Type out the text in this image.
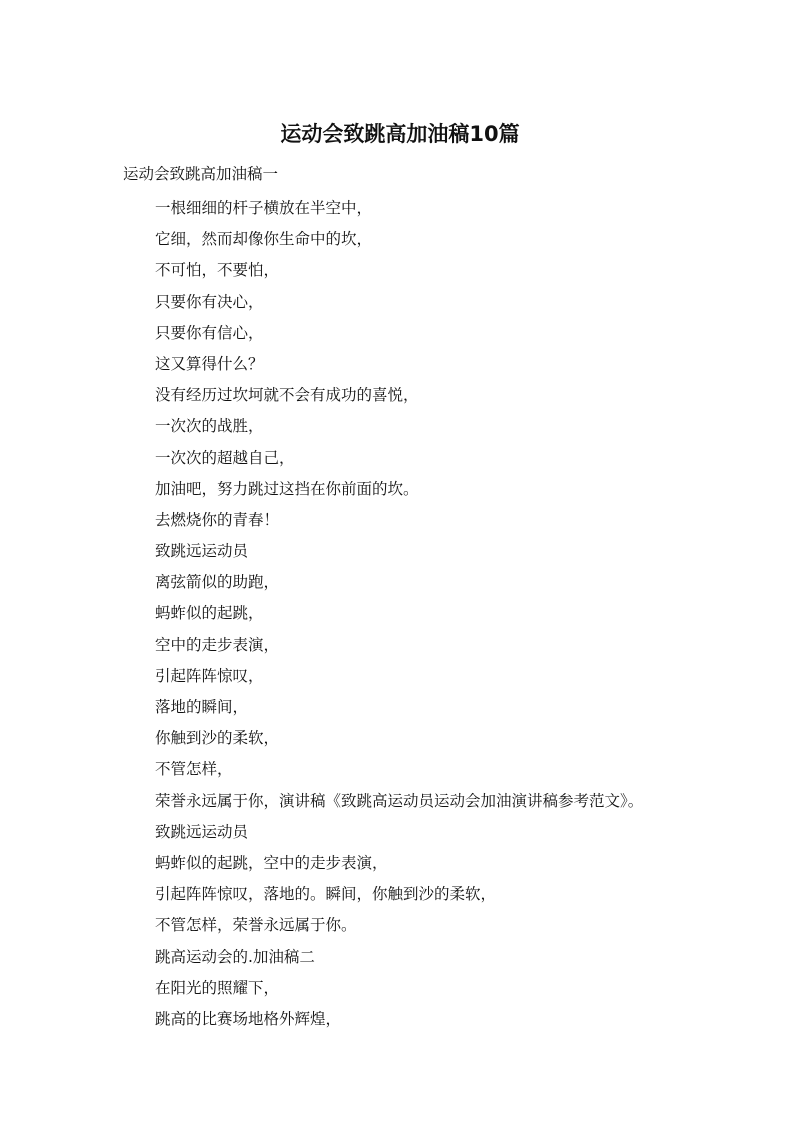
运动会致跳高加油稿10篇

运动会致跳高加油稿一

一根细细的杆子横放在半空中，
它细，然而却像你生命中的坎，
不可怕，不要怕，
只要你有决心，
只要你有信心，
这又算得什么？
没有经历过坎坷就不会有成功的喜悦，
一次次的战胜，
一次次的超越自己，
加油吧，努力跳过这挡在你前面的坎。
去燃烧你的青春！
致跳远运动员
离弦箭似的助跑，
蚂蚱似的起跳，
空中的走步表演，
引起阵阵惊叹，
落地的瞬间，
你触到沙的柔软，
不管怎样，
荣誉永远属于你，演讲稿《致跳高运动员运动会加油演讲稿参考范文》。
致跳远运动员
蚂蚱似的起跳，空中的走步表演，
引起阵阵惊叹，落地的。瞬间，你触到沙的柔软，
不管怎样，荣誉永远属于你。
跳高运动会的.加油稿二
在阳光的照耀下，
跳高的比赛场地格外辉煌，
